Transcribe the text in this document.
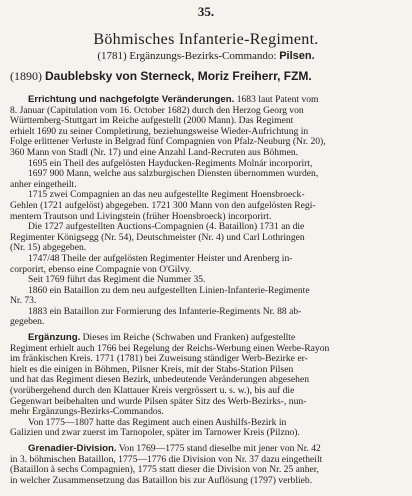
35.
Böhmisches Infanterie-Regiment.
(1781) Ergänzungs-Bezirks-Commando: Pilsen.
(1890) Daublebsky von Sterneck, Moriz Freiherr, FZM.
Errichtung und nachgefolgte Veränderungen. 1683 laut Patent vom
8. Januar (Capitulation vom 16. October 1682) durch den Herzog Georg von
Württemberg-Stuttgart im Reiche aufgestellt (2000 Mann). Das Regiment
erhielt 1690 zu seiner Completirung, beziehungsweise Wieder-Aufrichtung in
Folge erlittener Verluste in Belgrad fünf Compagnien von Pfalz-Neuburg (Nr. 20),
360 Mann von Stadl (Nr. 17) und eine Anzahl Land-Recruten aus Böhmen.
1695 ein Theil des aufgelösten Hayducken-Regiments Molnár incorporirt,
1697 900 Mann, welche aus salzburgischen Diensten übernommen wurden,
anher eingetheilt.
1715 zwei Compagnien an das neu aufgestellte Regiment Hoensbroeck-
Gehlen (1721 aufgelöst) abgegeben. 1721 300 Mann von den aufgelösten Regi-
mentern Trautson und Livingstein (früher Hoensbroeck) incorporirt.
Die 1727 aufgestellten Auctions-Compagnien (4. Bataillon) 1731 an die
Regimenter Königsegg (Nr. 54), Deutschmeister (Nr. 4) und Carl Lothringen
(Nr. 15) abgegeben.
1747/48 Theile der aufgelösten Regimenter Heister und Arenberg in-
corporirt, ebenso eine Compagnie von O'Gilvy.
Seit 1769 führt das Regiment die Nummer 35.
1860 ein Bataillon zu dem neu aufgestellten Linien-Infanterie-Regimente
Nr. 73.
1883 ein Bataillon zur Formierung des Infanterie-Regiments Nr. 88 ab-
gegeben.
Ergänzung. Dieses im Reiche (Schwaben und Franken) aufgestellte
Regiment erhielt auch 1766 bei Regelung der Reichs-Werbung einen Werbe-Rayon
im fränkischen Kreis. 1771 (1781) bei Zuweisung ständiger Werb-Bezirke er-
hielt es die einigen in Böhmen, Pilsner Kreis, mit der Stabs-Station Pilsen
und hat das Regiment diesen Bezirk, unbedeutende Veränderungen abgesehen
(vorübergehend durch den Klattauer Kreis vergrössert u. s. w.), bis auf die
Gegenwart beibehalten und wurde Pilsen später Sitz des Werb-Bezirks-, nun-
mehr Ergänzungs-Bezirks-Commandos.
Von 1775—1807 hatte das Regiment auch einen Aushilfs-Bezirk in
Galizien und zwar zuerst im Tarnopoler, später im Tarnower Kreis (Pilzno).
Grenadier-Division. Von 1769—1775 stand dieselbe mit jener von Nr. 42
in 3. böhmischen Bataillon, 1775—1776 die Division von Nr. 37 dazu eingetheilt
(Bataillon à sechs Compagnien), 1775 statt dieser die Division von Nr. 25 anher,
in welcher Zusammensetzung das Bataillon bis zur Auflösung (1797) verblieb.
